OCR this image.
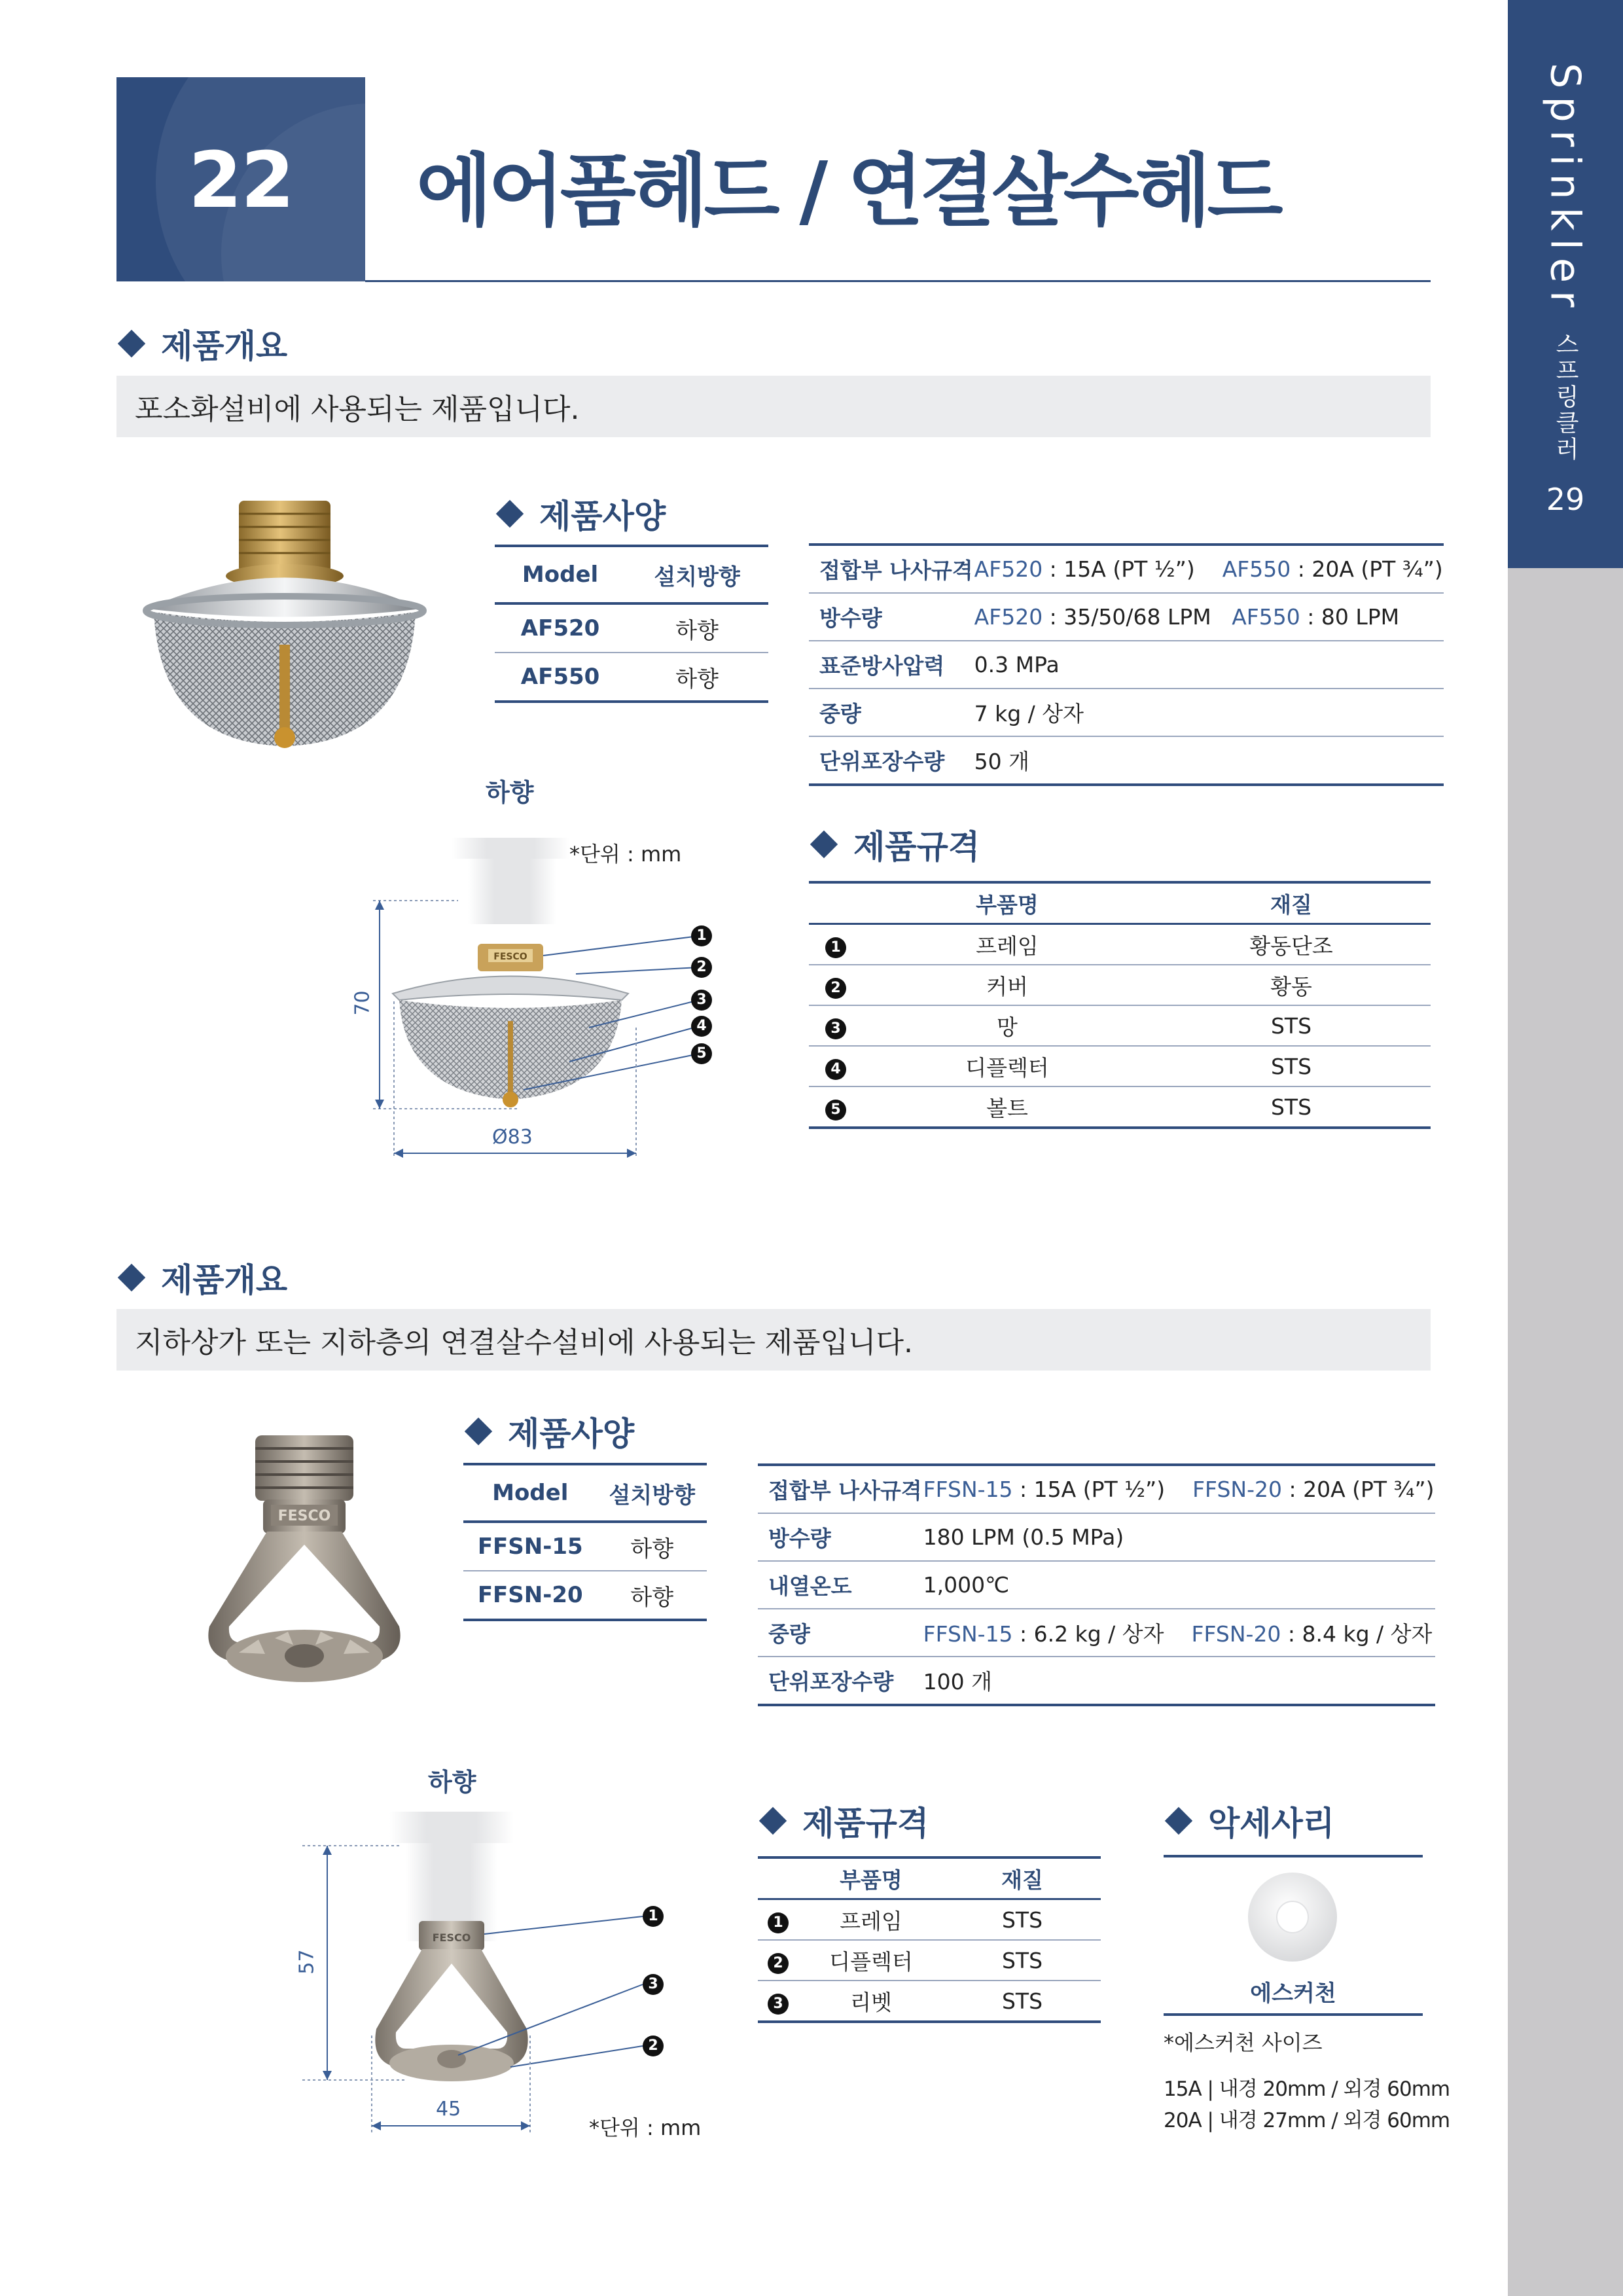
22	에어폼헤드 / 연결살수헤드	Sprinkler 스프링클러
29
제품개요
포소화설비에 사용되는 제품입니다.
제품사양
Model	설치방향
AF520	하향
AF550	하향
접합부 나사규격	AF520 : 15A (PT ½”) AF550 : 20A (PT ¾”)
방수량	AF520 : 35/50/68 LPM AF550 : 80 LPM
표준방사압력	0.3 MPa
중량	7 kg / 상자
단위포장수량	50 개
하향
*단위 : mm
FESCO
1
2
3
4
5
70
Ø83
제품규격
	부품명	재질
1	프레임	황동단조
2	커버	황동
3	망	STS
4	디플렉터	STS
5	볼트	STS
제품개요
지하상가 또는 지하층의 연결살수설비에 사용되는 제품입니다.
FESCO
제품사양
Model	설치방향
FFSN-15	하향
FFSN-20	하향
접합부 나사규격	FFSN-15 : 15A (PT ½”) FFSN-20 : 20A (PT ¾”)
방수량	180 LPM (0.5 MPa)
내열온도	1,000℃
중량	FFSN-15 : 6.2 kg / 상자 FFSN-20 : 8.4 kg / 상자
단위포장수량	100 개
하향
*단위 : mm
FESCO
1
3
2
57
45
제품규격
	부품명	재질
1	프레임	STS
2	디플렉터	STS
3	리벳	STS
악세사리
에스커천
*에스커천 사이즈
15A | 내경 20mm / 외경 60mm
20A | 내경 27mm / 외경 60mm
